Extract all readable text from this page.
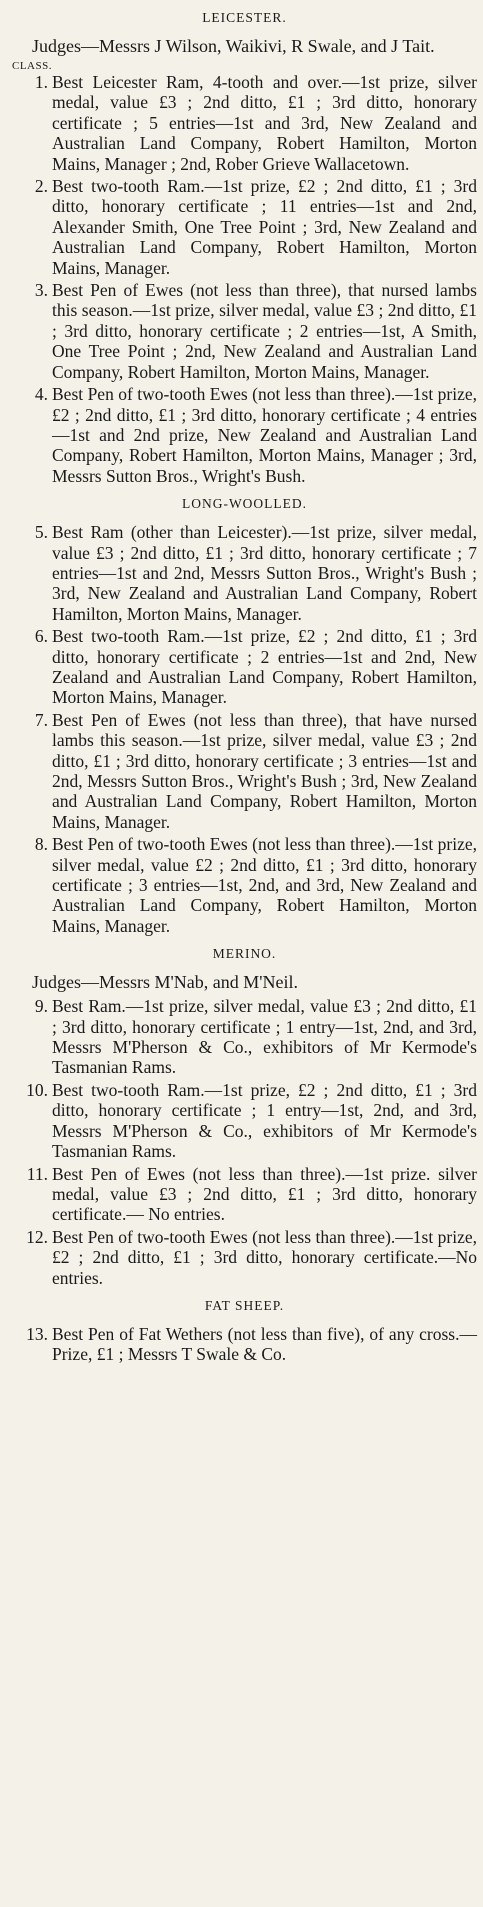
LEICESTER.
Judges—Messrs J Wilson, Waikivi, R Swale, and J Tait.
CLASS.
1. Best Leicester Ram, 4-tooth and over.—1st prize, silver medal, value £3 ; 2nd ditto, £1 ; 3rd ditto, honorary certificate ; 5 entries—1st and 3rd, New Zealand and Australian Land Company, Robert Hamilton, Morton Mains, Manager ; 2nd, Rober Grieve Wallacetown.
2. Best two-tooth Ram.—1st prize, £2 ; 2nd ditto, £1 ; 3rd ditto, honorary certificate ; 11 entries—1st and 2nd, Alexander Smith, One Tree Point ; 3rd, New Zealand and Australian Land Company, Robert Hamilton, Morton Mains, Manager.
3. Best Pen of Ewes (not less than three), that nursed lambs this season.—1st prize, silver medal, value £3 ; 2nd ditto, £1 ; 3rd ditto, honorary certificate ; 2 entries—1st, A Smith, One Tree Point ; 2nd, New Zealand and Australian Land Company, Robert Hamilton, Morton Mains, Manager.
4. Best Pen of two-tooth Ewes (not less than three).—1st prize, £2 ; 2nd ditto, £1 ; 3rd ditto, honorary certificate ; 4 entries—1st and 2nd prize, New Zealand and Australian Land Company, Robert Hamilton, Morton Mains, Manager ; 3rd, Messrs Sutton Bros., Wright's Bush.
LONG-WOOLLED.
5. Best Ram (other than Leicester).—1st prize, silver medal, value £3 ; 2nd ditto, £1 ; 3rd ditto, honorary certificate ; 7 entries—1st and 2nd, Messrs Sutton Bros., Wright's Bush ; 3rd, New Zealand and Australian Land Company, Robert Hamilton, Morton Mains, Manager.
6. Best two-tooth Ram.—1st prize, £2 ; 2nd ditto, £1 ; 3rd ditto, honorary certificate ; 2 entries—1st and 2nd, New Zealand and Australian Land Company, Robert Hamilton, Morton Mains, Manager.
7. Best Pen of Ewes (not less than three), that have nursed lambs this season.—1st prize, silver medal, value £3 ; 2nd ditto, £1 ; 3rd ditto, honorary certificate ; 3 entries—1st and 2nd, Messrs Sutton Bros., Wright's Bush ; 3rd, New Zealand and Australian Land Company, Robert Hamilton, Morton Mains, Manager.
8. Best Pen of two-tooth Ewes (not less than three).—1st prize, silver medal, value £2 ; 2nd ditto, £1 ; 3rd ditto, honorary certificate ; 3 entries—1st, 2nd, and 3rd, New Zealand and Australian Land Company, Robert Hamilton, Morton Mains, Manager.
MERINO.
Judges—Messrs M'Nab, and M'Neil.
9. Best Ram.—1st prize, silver medal, value £3 ; 2nd ditto, £1 ; 3rd ditto, honorary certificate ; 1 entry—1st, 2nd, and 3rd, Messrs M'Pherson & Co., exhibitors of Mr Kermode's Tasmanian Rams.
10. Best two-tooth Ram.—1st prize, £2 ; 2nd ditto, £1 ; 3rd ditto, honorary certificate ; 1 entry—1st, 2nd, and 3rd, Messrs M'Pherson & Co., exhibitors of Mr Kermode's Tasmanian Rams.
11. Best Pen of Ewes (not less than three).—1st prize. silver medal, value £3 ; 2nd ditto, £1 ; 3rd ditto, honorary certificate.— No entries.
12. Best Pen of two-tooth Ewes (not less than three).—1st prize, £2 ; 2nd ditto, £1 ; 3rd ditto, honorary certificate.—No entries.
FAT SHEEP.
13. Best Pen of Fat Wethers (not less than five), of any cross.—Prize, £1 ; Messrs T Swale & Co.
